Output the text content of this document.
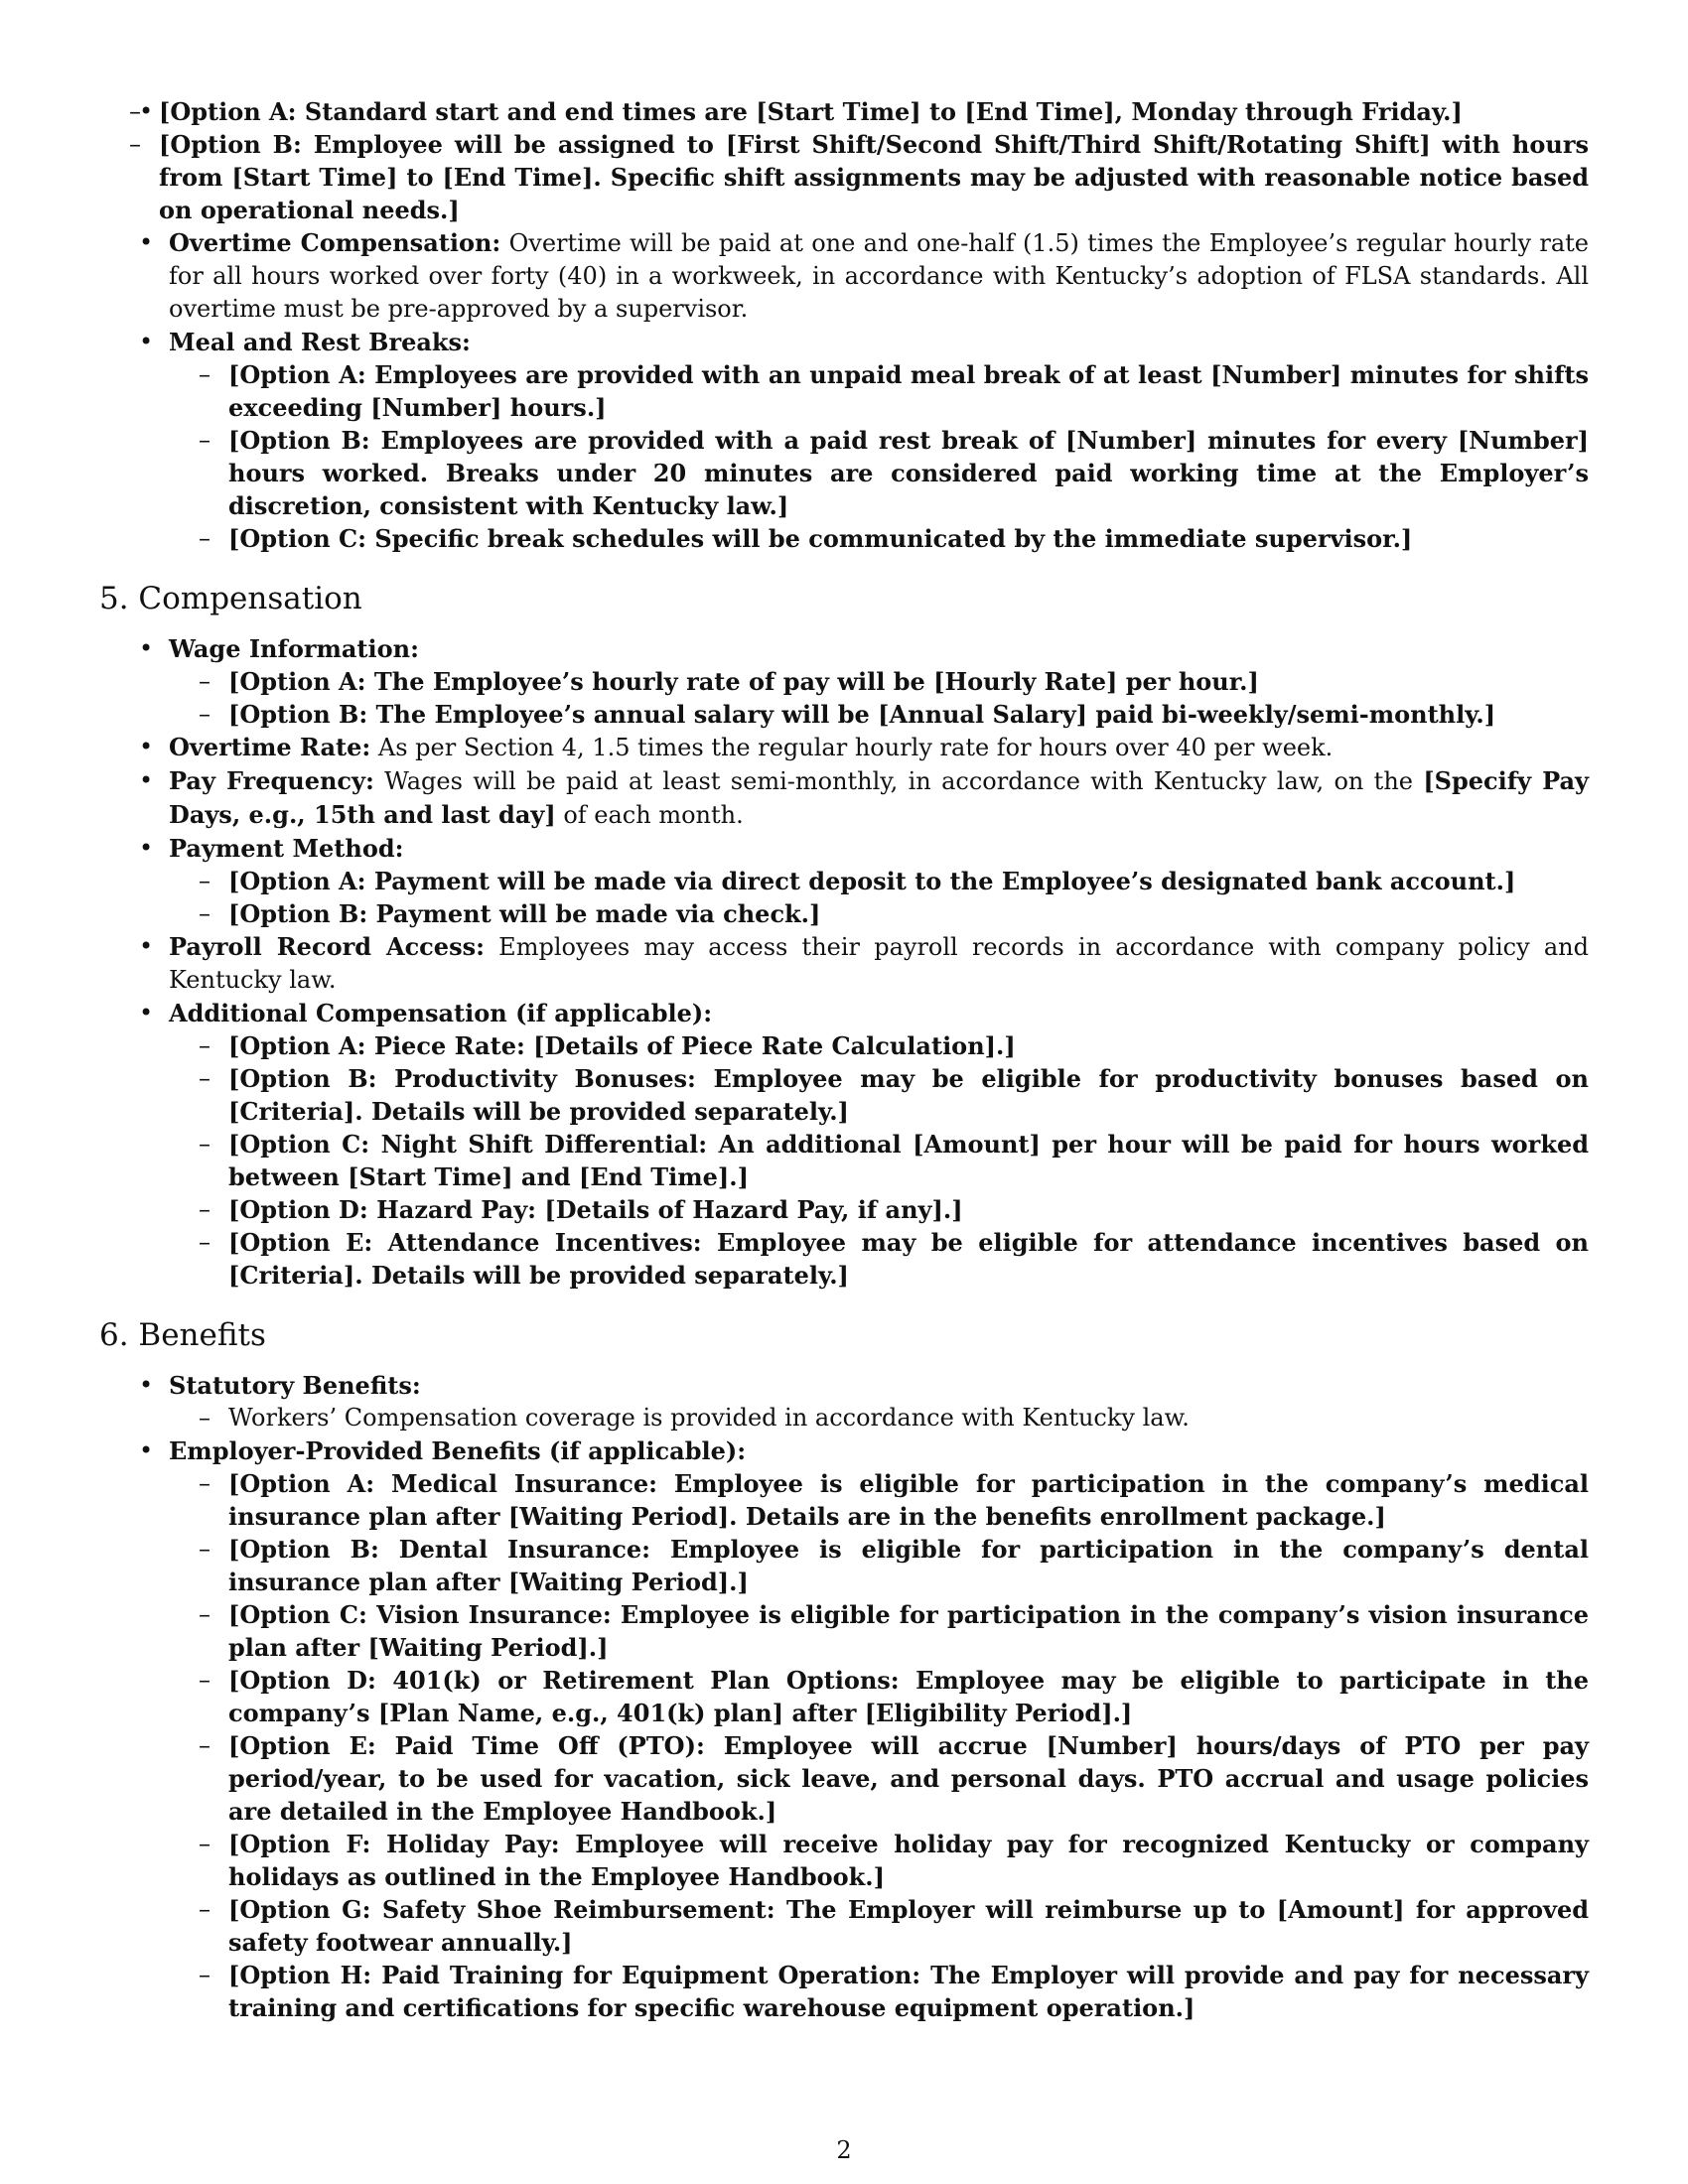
– • [Option A: Standard start and end times are [Start Time] to [End Time], Monday through Friday.]
– [Option B: Employee will be assigned to [First Shift/Second Shift/Third Shift/Rotating Shift] with hours from [Start Time] to [End Time]. Specific shift assignments may be adjusted with reasonable notice based on operational needs.]
• Overtime Compensation: Overtime will be paid at one and one-half (1.5) times the Employee’s regular hourly rate for all hours worked over forty (40) in a workweek, in accordance with Kentucky’s adoption of FLSA standards. All overtime must be pre-approved by a supervisor.
• Meal and Rest Breaks:
– [Option A: Employees are provided with an unpaid meal break of at least [Number] minutes for shifts exceeding [Number] hours.]
– [Option B: Employees are provided with a paid rest break of [Number] minutes for every [Number] hours worked. Breaks under 20 minutes are considered paid working time at the Employer’s discretion, consistent with Kentucky law.]
– [Option C: Specific break schedules will be communicated by the immediate supervisor.]
5. Compensation
• Wage Information:
– [Option A: The Employee’s hourly rate of pay will be [Hourly Rate] per hour.]
– [Option B: The Employee’s annual salary will be [Annual Salary] paid bi-weekly/semi-monthly.]
• Overtime Rate: As per Section 4, 1.5 times the regular hourly rate for hours over 40 per week.
• Pay Frequency: Wages will be paid at least semi-monthly, in accordance with Kentucky law, on the [Specify Pay Days, e.g., 15th and last day] of each month.
• Payment Method:
– [Option A: Payment will be made via direct deposit to the Employee’s designated bank account.]
– [Option B: Payment will be made via check.]
• Payroll Record Access: Employees may access their payroll records in accordance with company policy and Kentucky law.
• Additional Compensation (if applicable):
– [Option A: Piece Rate: [Details of Piece Rate Calculation].]
– [Option B: Productivity Bonuses: Employee may be eligible for productivity bonuses based on [Criteria]. Details will be provided separately.]
– [Option C: Night Shift Differential: An additional [Amount] per hour will be paid for hours worked between [Start Time] and [End Time].]
– [Option D: Hazard Pay: [Details of Hazard Pay, if any].]
– [Option E: Attendance Incentives: Employee may be eligible for attendance incentives based on [Criteria]. Details will be provided separately.]
6. Benefits
• Statutory Benefits:
– Workers’ Compensation coverage is provided in accordance with Kentucky law.
• Employer-Provided Benefits (if applicable):
– [Option A: Medical Insurance: Employee is eligible for participation in the company’s medical insurance plan after [Waiting Period]. Details are in the benefits enrollment package.]
– [Option B: Dental Insurance: Employee is eligible for participation in the company’s dental insurance plan after [Waiting Period].]
– [Option C: Vision Insurance: Employee is eligible for participation in the company’s vision insurance plan after [Waiting Period].]
– [Option D: 401(k) or Retirement Plan Options: Employee may be eligible to participate in the company’s [Plan Name, e.g., 401(k) plan] after [Eligibility Period].]
– [Option E: Paid Time Off (PTO): Employee will accrue [Number] hours/days of PTO per pay period/year, to be used for vacation, sick leave, and personal days. PTO accrual and usage policies are detailed in the Employee Handbook.]
– [Option F: Holiday Pay: Employee will receive holiday pay for recognized Kentucky or company holidays as outlined in the Employee Handbook.]
– [Option G: Safety Shoe Reimbursement: The Employer will reimburse up to [Amount] for approved safety footwear annually.]
– [Option H: Paid Training for Equipment Operation: The Employer will provide and pay for necessary training and certifications for specific warehouse equipment operation.]
2
